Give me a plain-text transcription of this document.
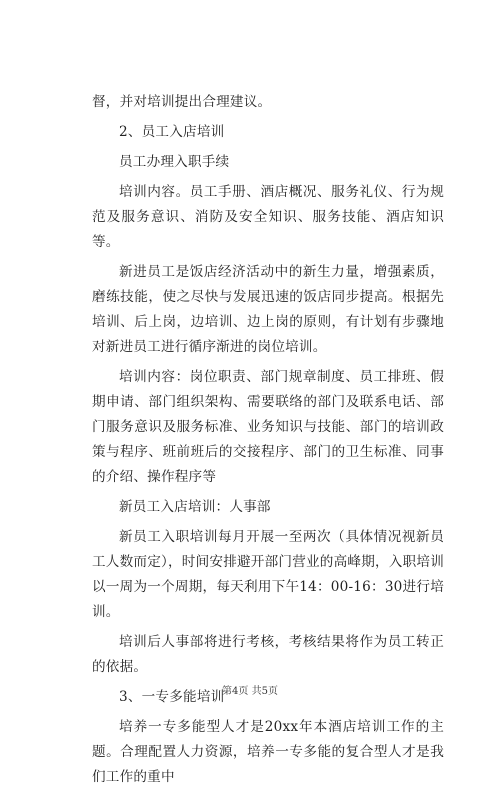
督，并对培训提出合理建议。

2、员工入店培训

员工办理入职手续

培训内容。员工手册、酒店概况、服务礼仪、行为规范及服务意识、消防及安全知识、服务技能、酒店知识等。

新进员工是饭店经济活动中的新生力量，增强素质，磨练技能，使之尽快与发展迅速的饭店同步提高。根据先培训、后上岗，边培训、边上岗的原则，有计划有步骤地对新进员工进行循序渐进的岗位培训。

培训内容：岗位职责、部门规章制度、员工排班、假期申请、部门组织架构、需要联络的部门及联系电话、部门服务意识及服务标准、业务知识与技能、部门的培训政策与程序、班前班后的交接程序、部门的卫生标准、同事的介绍、操作程序等

新员工入店培训：人事部

新员工入职培训每月开展一至两次（具体情况视新员工人数而定），时间安排避开部门营业的高峰期，入职培训以一周为一个周期，每天利用下午14：00-16：30进行培训。

培训后人事部将进行考核，考核结果将作为员工转正的依据。

3、一专多能培训

培养一专多能型人才是20xx年本酒店培训工作的主题。合理配置人力资源，培养一专多能的复合型人才是我们工作的重中

第4页 共5页
